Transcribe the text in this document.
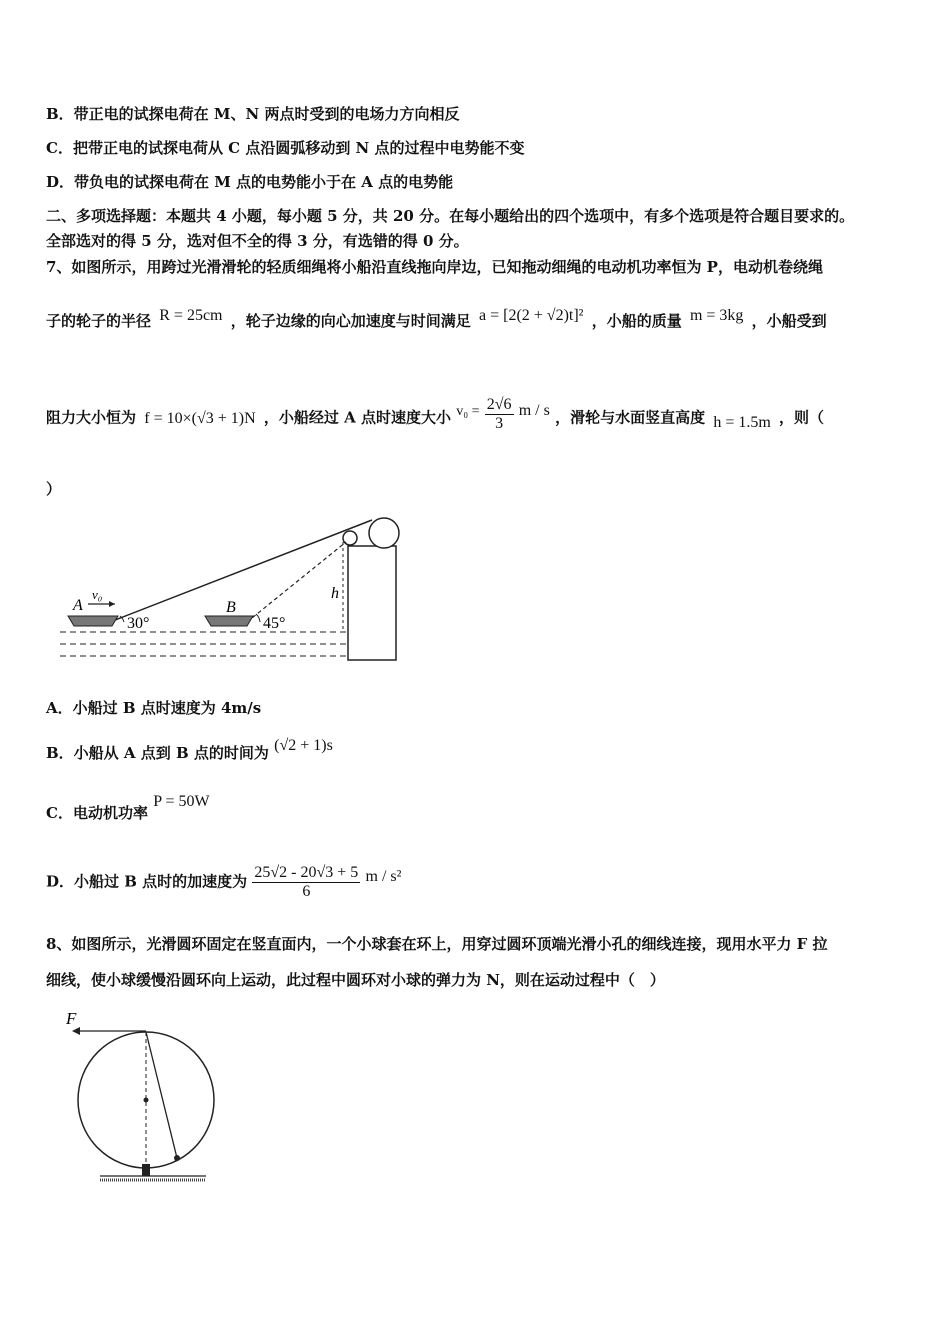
B．带正电的试探电荷在 M、N 两点时受到的电场力方向相反
C．把带正电的试探电荷从 C 点沿圆弧移动到 N 点的过程中电势能不变
D．带负电的试探电荷在 M 点的电势能小于在 A 点的电势能
二、多项选择题：本题共 4 小题，每小题 5 分，共 20 分。在每小题给出的四个选项中，有多个选项是符合题目要求的。
全部选对的得 5 分，选对但不全的得 3 分，有选错的得 0 分。
7、如图所示，用跨过光滑滑轮的轻质细绳将小船沿直线拖向岸边，已知拖动细绳的电动机功率恒为 P，电动机卷绕绳
子的轮子的半径 R = 25cm ，轮子边缘的向心加速度与时间满足 a = [2(2 + √2)t]² ，小船的质量 m = 3kg ，小船受到
阻力大小恒为 f = 10×(√3 + 1)N ，小船经过 A 点时速度大小 $v_0 = \frac{2√6}{3}$ m / s ，滑轮与水面竖直高度 h = 1.5m ，则（
）
A
v₀
B
30°	45°
h
A．小船过 B 点时速度为 4m/s
B．小船从 A 点到 B 点的时间为 (√2 + 1)s
C．电动机功率 P = 50W
D．小船过 B 点时的加速度为 $\frac{25√2 - 20√3 + 5}{6}$ m / s²
8、如图所示，光滑圆环固定在竖直面内，一个小球套在环上，用穿过圆环顶端光滑小孔的细线连接，现用水平力 F 拉
细线，使小球缓慢沿圆环向上运动，此过程中圆环对小球的弹力为 N，则在运动过程中（　）
F
